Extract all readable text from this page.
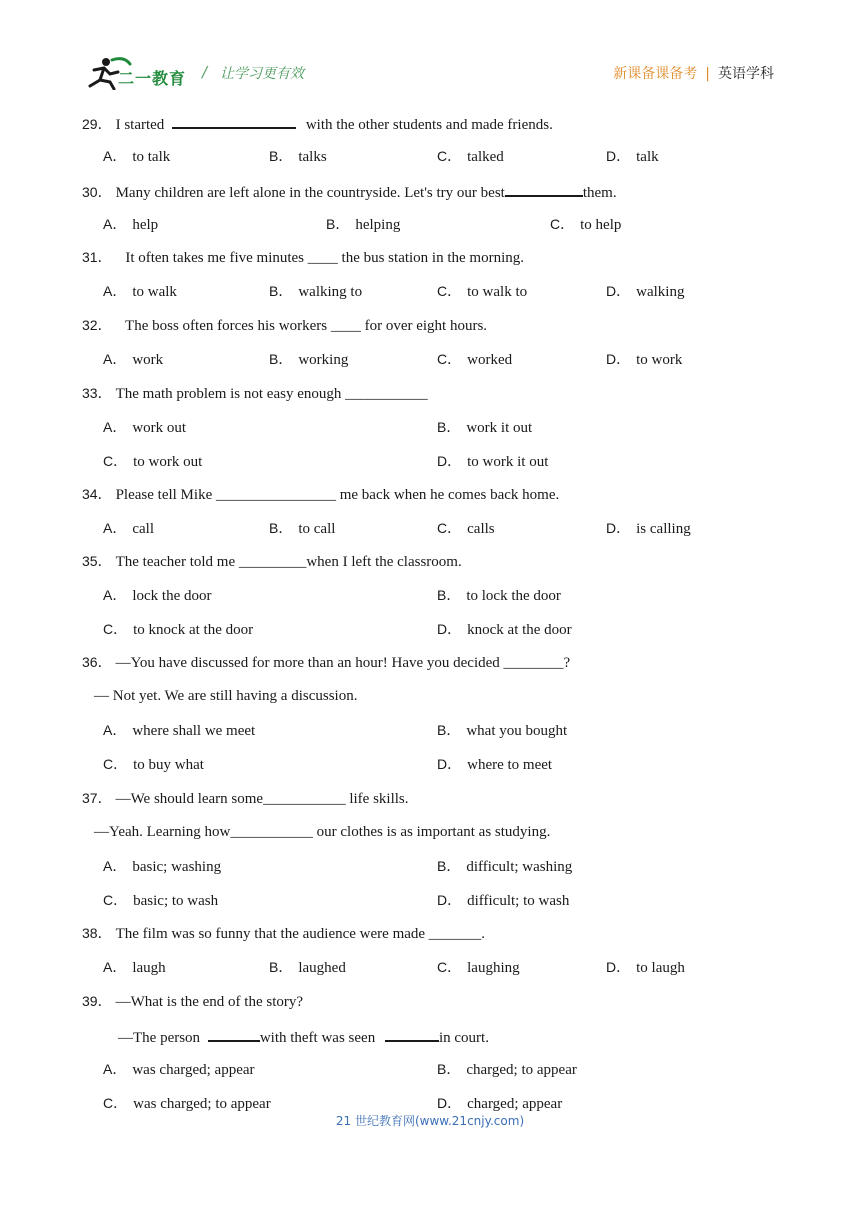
二一教育 / 让学习更有效	新课备课备考 | 英语学科
29． I started	with the other students and made friends.
A． to talk	B． talks	C． talked	D． talk
30． Many children are left alone in the countryside. Let's try our best	them.
A． help	B． helping	C． to help
31． It often takes me five minutes ____ the bus station in the morning.
A． to walk	B． walking to	C． to walk to	D． walking
32． The boss often forces his workers ____ for over eight hours.
A． work	B． working	C． worked	D． to work
33． The math problem is not easy enough ___________
A． work out	B． work it out
C． to work out	D． to work it out
34． Please tell Mike ________________ me back when he comes back home.
A． call	B． to call	C． calls	D． is calling
35． The teacher told me _________when I left the classroom.
A． lock the door	B． to lock the door
C． to knock at the door	D． knock at the door
36． —You have discussed for more than an hour! Have you decided ________?
— Not yet. We are still having a discussion.
A． where shall we meet	B． what you bought
C． to buy what	D． where to meet
37． —We should learn some___________ life skills.
—Yeah. Learning how___________ our clothes is as important as studying.
A． basic; washing	B． difficult; washing
C． basic; to wash	D． difficult; to wash
38． The film was so funny that the audience were made _______.
A． laugh	B． laughed	C． laughing	D． to laugh
39． —What is the end of the story?
—The person	with theft was seen	in court.
A． was charged; appear	B． charged; to appear
C． was charged; to appear	D． charged; appear
21 世纪教育网(www.21cnjy.com)
